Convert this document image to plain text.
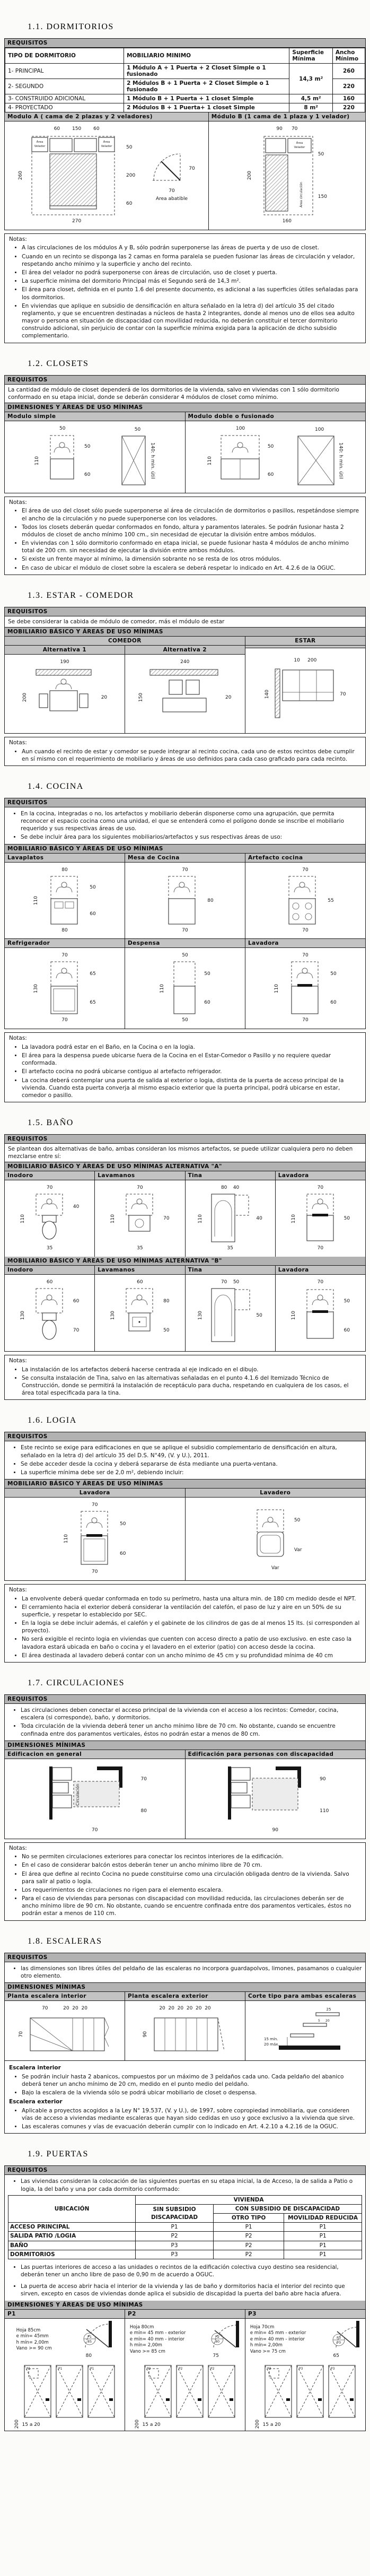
1.1. DORMITORIOS
REQUISITOS
TIPO DE DORMITORIO	MOBILIARIO MINIMO	Superficie Mínima	Ancho Mínimo
1- PRINCIPAL	1 Módulo A + 1 Puerta + 2 Closet Simple o 1 fusionado	14,3 m²	260
2- SEGUNDO	2 Módulos B + 1 Puerta + 2 Closet Simple o 1 fusionado		220
3- CONSTRUIDO ADICIONAL	1 Módulo B + 1 Puerta + 1 closet Simple	4,5 m²	160
4- PROYECTADO	2 Módulos B + 1 Puerta+ 1 closet Simple	8 m²	220
Modulo A ( cama de 2 plazas y 2 veladores)
60        150        60
260
Área
Velador
Área
Velador	50
200
60
270
70
70
Area abatible
Módulo B (1 cama de 1 plaza y 1 velador)
90      70
200
Área
Velador
Área circulación
50
150
160
Notas:
• A las circulaciones de los módulos A y B, sólo podrán superponerse las áreas de puerta y de uso de closet.
• Cuando en un recinto se disponga las 2 camas en forma paralela se pueden fusionar las áreas de circulación y velador, respetando ancho mínimo y la superficie y ancho del recinto.
• El área del velador no podrá superponerse con áreas de circulación, uso de closet y puerta.
• La superficie mínima del dormitorio Principal más el Segundo será de 14,3 m².
• El área para closet, definida en el punto 1.6 del presente documento, es adicional a las superficies útiles señaladas para los dormitorios.
• En viviendas que aplique en subsidio de densificación en altura señalado en la letra d) del artículo 35 del citado reglamento, y que se encuentren destinadas a núcleos de hasta 2 integrantes, donde al menos uno de ellos sea adulto mayor o persona en situación de discapacidad con movilidad reducida, no deberán constituir el tercer dormitorio construido adicional, sin perjuicio de contar con la superficie mínima exigida para la aplicación de dicho subsidio complementario.
1.2. CLOSETS
REQUISITOS
La cantidad de módulo de closet dependerá de los dormitorios de la vivienda, salvo en viviendas con 1 sólo dormitorio conformado en su etapa inicial, donde se deberán considerar 4 módulos de closet como mínimo.
DIMENSIONES Y ÁREAS DE USO MÍNIMAS
Modulo simple
50
110
50
60
50
140: h min. útil
Modulo doble o fusionado
100
110
50
60
100
140: h min. útil
Notas:
• El área de uso del closet sólo puede superponerse al área de circulación de dormitorios o pasillos, respetándose siempre el ancho de la circulación y no puede superponerse con los veladores.
• Todos los closets deberán quedar conformados en fondo, altura y paramentos laterales. Se podrán fusionar hasta 2 módulos de closet de ancho mínimo 100 cm., sin necesidad de ejecutar la división entre ambos módulos.
• En viviendas con 1 sólo dormitorio conformado en etapa inicial, se puede fusionar hasta 4 módulos de ancho mínimo total de 200 cm. sin necesidad de ejecutar la división entre ambos módulos.
• Si existe un frente mayor al mínimo, la dimensión sobrante no se resta de los otros módulos.
• En caso de ubicar el módulo de closet sobre la escalera se deberá respetar lo indicado en Art. 4.2.6 de la OGUC.
1.3. ESTAR - COMEDOR
REQUISITOS
Se debe considerar la cabida de módulo de comedor, más el módulo de estar
MOBILIARIO BÁSICO Y ÁREAS DE USO MÍNIMAS
COMEDOR
Alternativa 1
190
200	20
Alternativa 2
240
150	20
ESTAR
10     200
140	70
Notas:
• Aun cuando el recinto de estar y comedor se puede integrar al recinto cocina, cada uno de estos recintos debe cumplir en sí mismo con el requerimiento de mobiliario y áreas de uso definidos para cada caso graficado para cada recinto.
1.4. COCINA
REQUISITOS
• En la cocina, integradas o no, los artefactos y mobiliario deberán disponerse como una agrupación, que permita reconocer el espacio cocina como una unidad, el que se entenderá como el polígono donde se inscribe el mobiliario requerido y sus respectivas áreas de uso.
• Se debe incluir área para los siguientes mobiliarios/artefactos y sus respectivas áreas de uso:
MOBILIARIO BÁSICO Y ÁREAS DE USO MÍNIMAS
Lavaplatos
80
110
50
60
80
Mesa de Cocina
70
80
70
Artefacto cocina
70
55
70
Refrigerador
70
130
65
65
70
Despensa
50
110
50
60
50
Lavadora
70
110
50
60
70
Notas:
• La lavadora podrá estar en el Baño, en la Cocina o en la logia.
• El área para la despensa puede ubicarse fuera de la Cocina en el Estar-Comedor o Pasillo y no requiere quedar conformada.
• El artefacto cocina no podrá ubicarse contiguo al artefacto refrigerador.
• La cocina deberá contemplar una puerta de salida al exterior o logia, distinta de la puerta de acceso principal de la vivienda. Cuando esta puerta converja al mismo espacio exterior que la puerta principal, podrá ubicarse en estar, comedor o pasillo.
1.5. BAÑO
REQUISITOS
Se plantean dos alternativas de baño, ambas consideran los mismos artefactos, se puede utilizar cualquiera pero no deben mezclarse entre sí:
MOBILIARIO BÁSICO Y ÁREAS DE USO MÍNIMAS ALTERNATIVA "A"
Inodoro
70
110
40
35
Lavamanos
70
110	70
35
Tina
80    40
110	40
35
Lavadora
70
110	50
70
MOBILIARIO BÁSICO Y ÁREAS DE USO MÍNIMAS ALTERNATIVA "B"
Inodoro
60
130
60
70
Lavamanos
60
130
80
50
Tina
70    50
130	50
Lavadora
70
110
50
60
Notas:
• La instalación de los artefactos deberá hacerse centrada al eje indicado en el dibujo.
• Se consulta instalación de Tina, salvo en las alternativas señaladas en el punto 4.1.6 del Itemizado Técnico de Construcción, donde se permitirá la instalación de receptáculo para ducha, respetando en cualquiera de los casos, el área total especificada para la tina.
1.6. LOGIA
REQUISITOS
• Este recinto se exige para edificaciones en que se aplique el subsidio complementario de densificación en altura, señalado en la letra d) del artículo 35 del D.S. N°49, (V. y U.), 2011.
• Se debe acceder desde la cocina y deberá separarse de ésta mediante una puerta-ventana.
• La superficie mínima debe ser de 2,0 m², debiendo incluir:
MOBILIARIO BÁSICO Y ÁREAS DE USO MÍNIMAS
Lavadora
70
110
50
60
70
Lavadero
50
Var
Var
Notas:
• La envolvente deberá quedar conformada en todo su perímetro, hasta una altura min. de 180 cm medido desde el NPT.
• El cerramiento hacia el exterior deberá considerar la ventilación del calefón, el paso de luz y aire en un 50% de su superficie, y respetar lo establecido por SEC.
• En la logia se debe incluir además, el calefón y el gabinete de los cilindros de gas de al menos 15 lts. (si corresponden al proyecto).
• No será exigible el recinto logia en viviendas que cuenten con acceso directo a patio de uso exclusivo. en este caso la lavadora estará ubicada en baño o cocina y el lavadero en el exterior (patio) con acceso desde la cocina.
• El área destinada al lavadero deberá contar con un ancho mínimo de 45 cm y su profundidad mínima de 40 cm
1.7. CIRCULACIONES
REQUISITOS
• Las circulaciones deben conectar el acceso principal de la vivienda con el acceso a los recintos: Comedor, cocina, escalera (si corresponde), baño, y dormitorios.
• Toda circulación de la vivienda deberá tener un ancho mínimo libre de 70 cm. No obstante, cuando se encuentre confinada entre dos paramentos verticales, éstos no podrán estar a menos de 80 cm.
DIMENSIONES MÍNIMAS
Edificacion en general
Circulación
70
80
70
Edificación para personas con discapacidad
90
110
90
Notas:
• No se permiten circulaciones exteriores para conectar los recintos interiores de la edificación.
• En el caso de considerar balcón estos deberán tener un ancho mínimo libre de 70 cm.
• El área que define al recinto Cocina no puede constituirse como una circulación obligada dentro de la vivienda. Salvo para salir al patio o logia.
• Los requerimientos de circulaciones no rigen para el elemento escalera.
• Para el caso de viviendas para personas con discapacidad con movilidad reducida, las circulaciones deberán ser de ancho mínimo libre de 90 cm. No obstante, cuando se encuentre confinada entre dos paramentos verticales, éstos no podrán estar a menos de 110 cm.
1.8. ESCALERAS
REQUISITOS
• las dimensiones son libres útiles del peldaño de las escaleras no incorpora guardapolvos, limones, pasamanos o cualquier otro elemento.
DIMENSIONES MÍNIMAS
Planta escalera interior
70          20  20  20
70
Planta escalera exterior
20  20  20  20  20  20
90
Corte tipo para ambas escaleras
25
20
5
15 mín.
20 máx.
Escalera interior
• Se podrán incluir hasta 2 abanicos, compuestos por un máximo de 3 peldaños cada uno. Cada peldaño del abanico deberá tener un ancho mínimo de 20 cm, medido en el punto medio del peldaño.
• Bajo la escalera de la vivienda sólo se podrá ubicar mobiliario de closet o despensa.
Escalera exterior
• Aplicable a proyectos acogidos a la Ley N° 19.537, (V. y U.), de 1997, sobre copropiedad inmobiliaria, que consideren vías de acceso a viviendas mediante escaleras que hayan sido cedidas en uso y goce exclusivo a la vivienda que sirve.
• Las escaleras comunes y vías de evacuación deberán cumplir con lo indicado en Art. 4.2.10 a 4.2.16 de la OGUC.
1.9. PUERTAS
REQUISITOS
• Las viviendas consideran la colocación de las siguientes puertas en su etapa inicial, la de Acceso, la de salida a Patio o logia, la del baño y una por cada dormitorio conformado:
UBICACIÓN	VIVIENDA		
	SIN SUBSIDIO DISCAPACIDAD	CON SUBSIDIO DE DISCAPACIDAD	
		OTRO TIPO	MOVILIDAD REDUCIDA
ACCESO PRINCIPAL	P1	P1	P1
SALIDA PATIO /LOGIA	P2	P2	P1
BAÑO	P3	P2	P1
DORMITORIOS	P3	P2	P1
• Las puertas interiores de acceso a las unidades o recintos de la edificación colectiva cuyo destino sea residencial, deberán tener un ancho libre de paso de 0,90 m de acuerdo a OGUC.
• La puerta de acceso abrir hacia el interior de la vivienda y las de baño y dormitorios hacia el interior del recinto que sirven, excepto en casos de viviendas donde aplica el subsidio de discapidad la puerta del baño abre hacia afuera.
DIMENSIONES Y ÁREAS DE USO MÍNIMAS
P1
Hoja 85cm
e mín= 45mm
h mín= 2,00m
Vano >= 90 cm
P1
85
80
200
P1	P1	P1
15 a 20
P2
Hoja 80cm
e mín= 45 mm - exterior
e mín= 40 mm - interior
h mín= 2,00m
Vano >= 85 cm
P2
80
75
200
P2	P2	P2
15 a 20
P3
Hoja 70cm
e mín= 45 mm - exterior
e mín= 40 mm - interior
h mín= 2,00m
Vano >= 75 cm
P3
70
65
200
P3	P3	P3
15 a 20
